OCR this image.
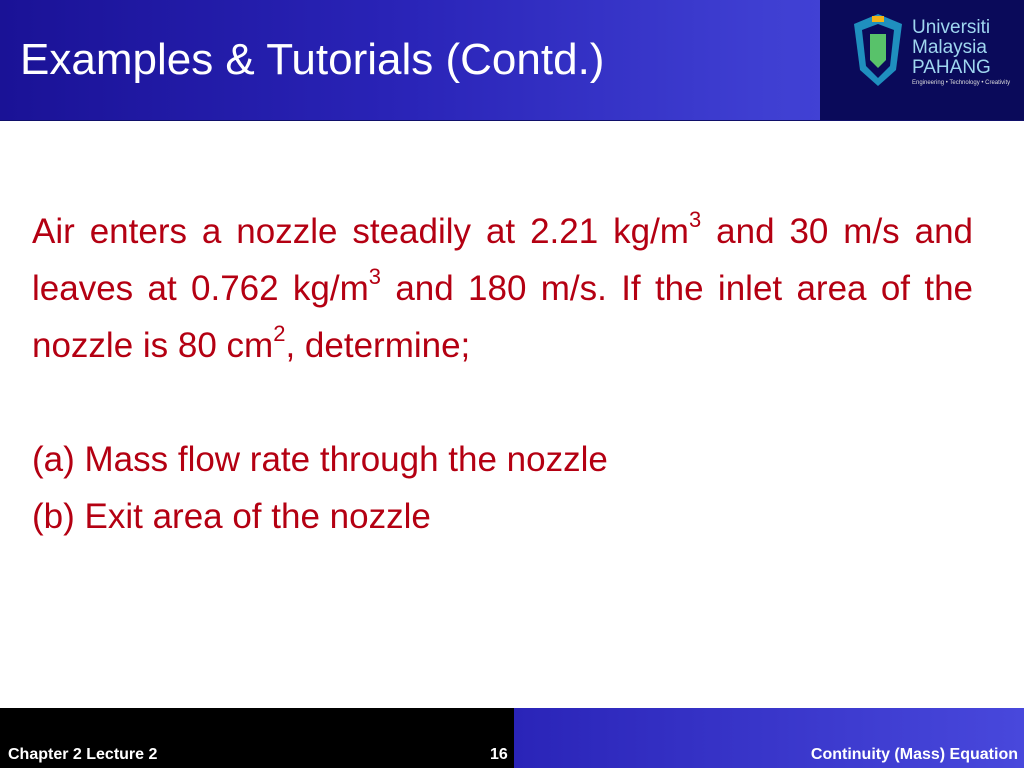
Examples & Tutorials (Contd.)
Universiti
Malaysia
PAHANG
Engineering • Technology • Creativity

Air enters a nozzle steadily at 2.21 $kg/m^3$ and 30 m/s and leaves at 0.762 $kg/m^3$ and 180 m/s. If the inlet area of the nozzle is 80 $cm^2$, determine;

(a) Mass flow rate through the nozzle
(b) Exit area of the nozzle
Chapter 2 Lecture 2	16	Continuity (Mass) Equation
